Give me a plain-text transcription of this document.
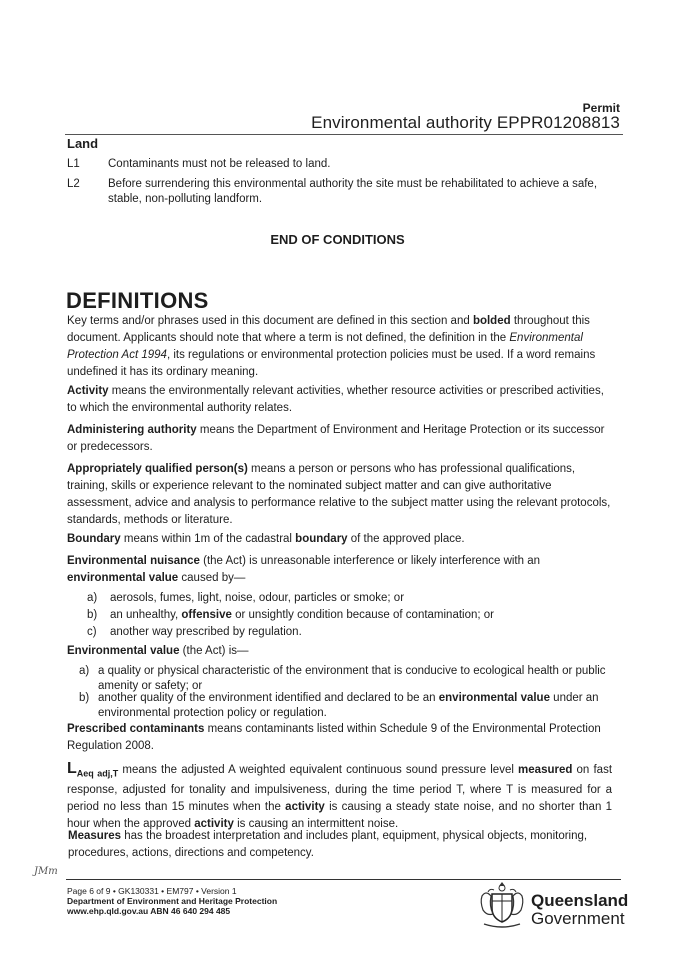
Permit
Environmental authority EPPR01208813
Land
L1 Contaminants must not be released to land.
L2 Before surrendering this environmental authority the site must be rehabilitated to achieve a safe, stable, non-polluting landform.
END OF CONDITIONS
DEFINITIONS
Key terms and/or phrases used in this document are defined in this section and bolded throughout this document. Applicants should note that where a term is not defined, the definition in the Environmental Protection Act 1994, its regulations or environmental protection policies must be used. If a word remains undefined it has its ordinary meaning.
Activity means the environmentally relevant activities, whether resource activities or prescribed activities, to which the environmental authority relates.
Administering authority means the Department of Environment and Heritage Protection or its successor or predecessors.
Appropriately qualified person(s) means a person or persons who has professional qualifications, training, skills or experience relevant to the nominated subject matter and can give authoritative assessment, advice and analysis to performance relative to the subject matter using the relevant protocols, standards, methods or literature.
Boundary means within 1m of the cadastral boundary of the approved place.
Environmental nuisance (the Act) is unreasonable interference or likely interference with an environmental value caused by—
a) aerosols, fumes, light, noise, odour, particles or smoke; or
b) an unhealthy, offensive or unsightly condition because of contamination; or
c) another way prescribed by regulation.
Environmental value (the Act) is—
a) a quality or physical characteristic of the environment that is conducive to ecological health or public amenity or safety; or
b) another quality of the environment identified and declared to be an environmental value under an environmental protection policy or regulation.
Prescribed contaminants means contaminants listed within Schedule 9 of the Environmental Protection Regulation 2008.
$L_{Aeq adj,T}$ means the adjusted A weighted equivalent continuous sound pressure level measured on fast response, adjusted for tonality and impulsiveness, during the time period T, where T is measured for a period no less than 15 minutes when the activity is causing a steady state noise, and no shorter than 1 hour when the approved activity is causing an intermittent noise.
Measures has the broadest interpretation and includes plant, equipment, physical objects, monitoring, procedures, actions, directions and competency.
JMm
Page 6 of 9 • GK130331 • EM797 • Version 1
Department of Environment and Heritage Protection
www.ehp.qld.gov.au ABN 46 640 294 485
Queensland
Government
